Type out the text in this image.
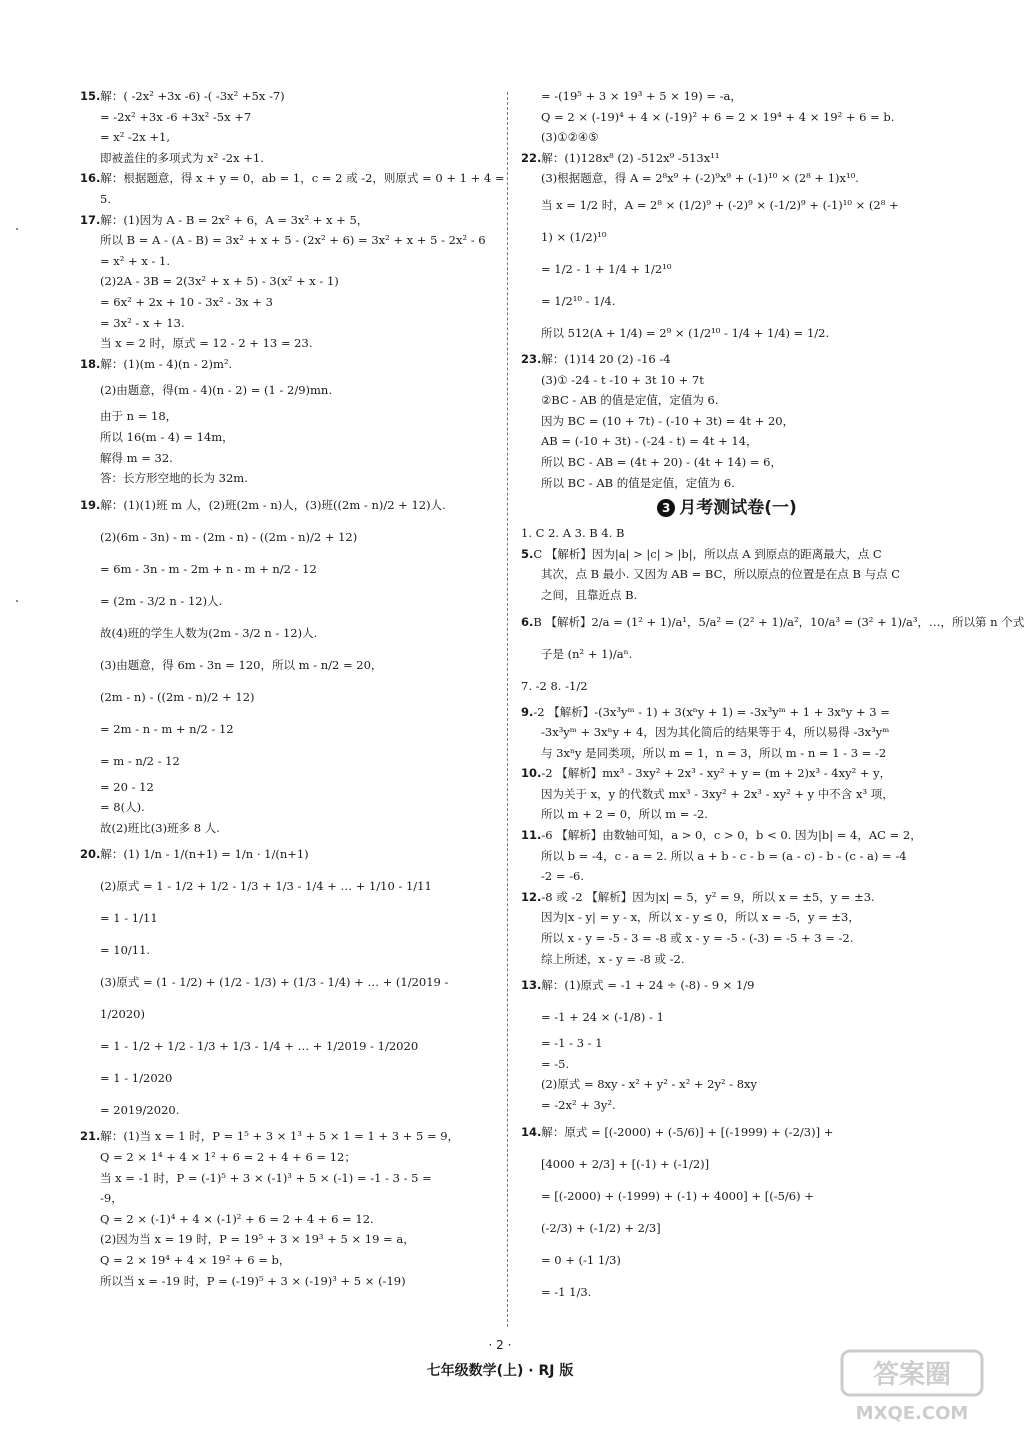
15.解：( -2x² +3x -6) -( -3x² +5x -7)
= -2x² +3x -6 +3x² -5x +7
= x² -2x +1,
即被盖住的多项式为 x² -2x +1.
16.解：根据题意，得 x + y = 0，ab = 1，c = 2 或 -2，则原式 = 0 + 1 + 4 =
5.
17.解：(1)因为 A - B = 2x² + 6，A = 3x² + x + 5，
所以 B = A - (A - B) = 3x² + x + 5 - (2x² + 6) = 3x² + x + 5 - 2x² - 6
= x² + x - 1.
(2)2A - 3B = 2(3x² + x + 5) - 3(x² + x - 1)
= 6x² + 2x + 10 - 3x² - 3x + 3
= 3x² - x + 13.
当 x = 2 时，原式 = 12 - 2 + 13 = 23.
18.解：(1)(m - 4)(n - 2)m².
(2)由题意，得(m - 4)(n - 2) = (1 - 2/9)mn.
由于 n = 18，
所以 16(m - 4) = 14m，
解得 m = 32.
答：长方形空地的长为 32m.
19.解：(1)(1)班 m 人，(2)班(2m - n)人，(3)班((2m - n)/2 + 12)人.
(2)(6m - 3n) - m - (2m - n) - ((2m - n)/2 + 12)
= 6m - 3n - m - 2m + n - m + n/2 - 12
= (2m - 3/2 n - 12)人.
故(4)班的学生人数为(2m - 3/2 n - 12)人.
(3)由题意，得 6m - 3n = 120，所以 m - n/2 = 20，
(2m - n) - ((2m - n)/2 + 12)
= 2m - n - m + n/2 - 12
= m - n/2 - 12
= 20 - 12
= 8(人).
故(2)班比(3)班多 8 人.
20.解：(1) 1/n - 1/(n+1) = 1/n · 1/(n+1)
(2)原式 = 1 - 1/2 + 1/2 - 1/3 + 1/3 - 1/4 + … + 1/10 - 1/11
= 1 - 1/11
= 10/11.
(3)原式 = (1 - 1/2) + (1/2 - 1/3) + (1/3 - 1/4) + … + (1/2019 -
1/2020)
= 1 - 1/2 + 1/2 - 1/3 + 1/3 - 1/4 + … + 1/2019 - 1/2020
= 1 - 1/2020
= 2019/2020.
21.解：(1)当 x = 1 时，P = 1⁵ + 3 × 1³ + 5 × 1 = 1 + 3 + 5 = 9，
Q = 2 × 1⁴ + 4 × 1² + 6 = 2 + 4 + 6 = 12；
当 x = -1 时，P = (-1)⁵ + 3 × (-1)³ + 5 × (-1) = -1 - 3 - 5 =
-9，
Q = 2 × (-1)⁴ + 4 × (-1)² + 6 = 2 + 4 + 6 = 12.
(2)因为当 x = 19 时，P = 19⁵ + 3 × 19³ + 5 × 19 = a，
Q = 2 × 19⁴ + 4 × 19² + 6 = b，
所以当 x = -19 时，P = (-19)⁵ + 3 × (-19)³ + 5 × (-19)
= -(19⁵ + 3 × 19³ + 5 × 19) = -a，
Q = 2 × (-19)⁴ + 4 × (-19)² + 6 = 2 × 19⁴ + 4 × 19² + 6 = b.
(3)①②④⑤
22.解：(1)128x⁸ (2) -512x⁹ -513x¹¹
(3)根据题意，得 A = 2⁸x⁹ + (-2)⁹x⁹ + (-1)¹⁰ × (2⁸ + 1)x¹⁰.
当 x = 1/2 时，A = 2⁸ × (1/2)⁹ + (-2)⁹ × (-1/2)⁹ + (-1)¹⁰ × (2⁸ +
1) × (1/2)¹⁰
= 1/2 - 1 + 1/4 + 1/2¹⁰
= 1/2¹⁰ - 1/4.
所以 512(A + 1/4) = 2⁹ × (1/2¹⁰ - 1/4 + 1/4) = 1/2.
23.解：(1)14 20 (2) -16 -4
(3)① -24 - t -10 + 3t 10 + 7t
②BC - AB 的值是定值，定值为 6.
因为 BC = (10 + 7t) - (-10 + 3t) = 4t + 20，
AB = (-10 + 3t) - (-24 - t) = 4t + 14，
所以 BC - AB = (4t + 20) - (4t + 14) = 6，
所以 BC - AB 的值是定值，定值为 6.
3 月考测试卷(一)
1. C 2. A 3. B 4. B
5.C 【解析】因为|a| > |c| > |b|，所以点 A 到原点的距离最大，点 C
其次，点 B 最小. 又因为 AB = BC，所以原点的位置是在点 B 与点 C
之间，且靠近点 B.
6.B 【解析】2/a = (1² + 1)/a¹，5/a² = (2² + 1)/a²，10/a³ = (3² + 1)/a³，…，所以第 n 个式
子是 (n² + 1)/aⁿ.
7. -2 8. -1/2
9.-2 【解析】-(3x³yᵐ - 1) + 3(xⁿy + 1) = -3x³yᵐ + 1 + 3xⁿy + 3 =
-3x³yᵐ + 3xⁿy + 4，因为其化简后的结果等于 4，所以易得 -3x³yᵐ
与 3xⁿy 是同类项，所以 m = 1，n = 3，所以 m - n = 1 - 3 = -2
10.-2 【解析】mx³ - 3xy² + 2x³ - xy² + y = (m + 2)x³ - 4xy² + y，
因为关于 x，y 的代数式 mx³ - 3xy² + 2x³ - xy² + y 中不含 x³ 项，
所以 m + 2 = 0，所以 m = -2.
11.-6 【解析】由数轴可知，a > 0，c > 0，b < 0. 因为|b| = 4，AC = 2，
所以 b = -4，c - a = 2. 所以 a + b - c - b = (a - c) - b - (c - a) = -4
-2 = -6.
12.-8 或 -2 【解析】因为|x| = 5，y² = 9，所以 x = ±5，y = ±3.
因为|x - y| = y - x，所以 x - y ≤ 0，所以 x = -5，y = ±3，
所以 x - y = -5 - 3 = -8 或 x - y = -5 - (-3) = -5 + 3 = -2.
综上所述，x - y = -8 或 -2.
13.解：(1)原式 = -1 + 24 ÷ (-8) - 9 × 1/9
= -1 + 24 × (-1/8) - 1
= -1 - 3 - 1
= -5.
(2)原式 = 8xy - x² + y² - x² + 2y² - 8xy
= -2x² + 3y².
14.解：原式 = [(-2000) + (-5/6)] + [(-1999) + (-2/3)] +
[4000 + 2/3] + [(-1) + (-1/2)]
= [(-2000) + (-1999) + (-1) + 4000] + [(-5/6) +
(-2/3) + (-1/2) + 2/3]
= 0 + (-1 1/3)
= -1 1/3.
· 2 ·
七年级数学(上) · RJ 版	答案圈
MXQE.COM
